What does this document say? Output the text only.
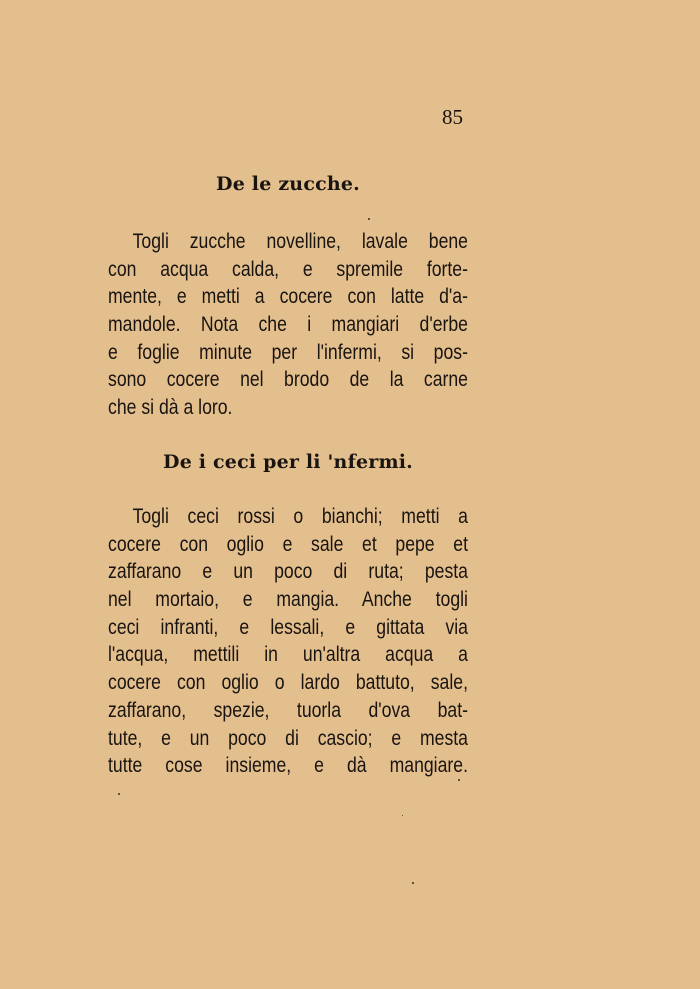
85
De le zucche.
Togli zucche novelline, lavale bene
con acqua calda, e spremile forte-
mente, e metti a cocere con latte d'a-
mandole. Nota che i mangiari d'erbe
e foglie minute per l'infermi, si pos-
sono cocere nel brodo de la carne
che si dà a loro.
De i ceci per li 'nfermi.
Togli ceci rossi o bianchi; metti a
cocere con oglio e sale et pepe et
zaffarano e un poco di ruta; pesta
nel mortaio, e mangia. Anche togli
ceci infranti, e lessali, e gittata via
l'acqua, mettili in un'altra acqua a
cocere con oglio o lardo battuto, sale,
zaffarano, spezie, tuorla d'ova bat-
tute, e un poco di cascio; e mesta
tutte cose insieme, e dà mangiare.
